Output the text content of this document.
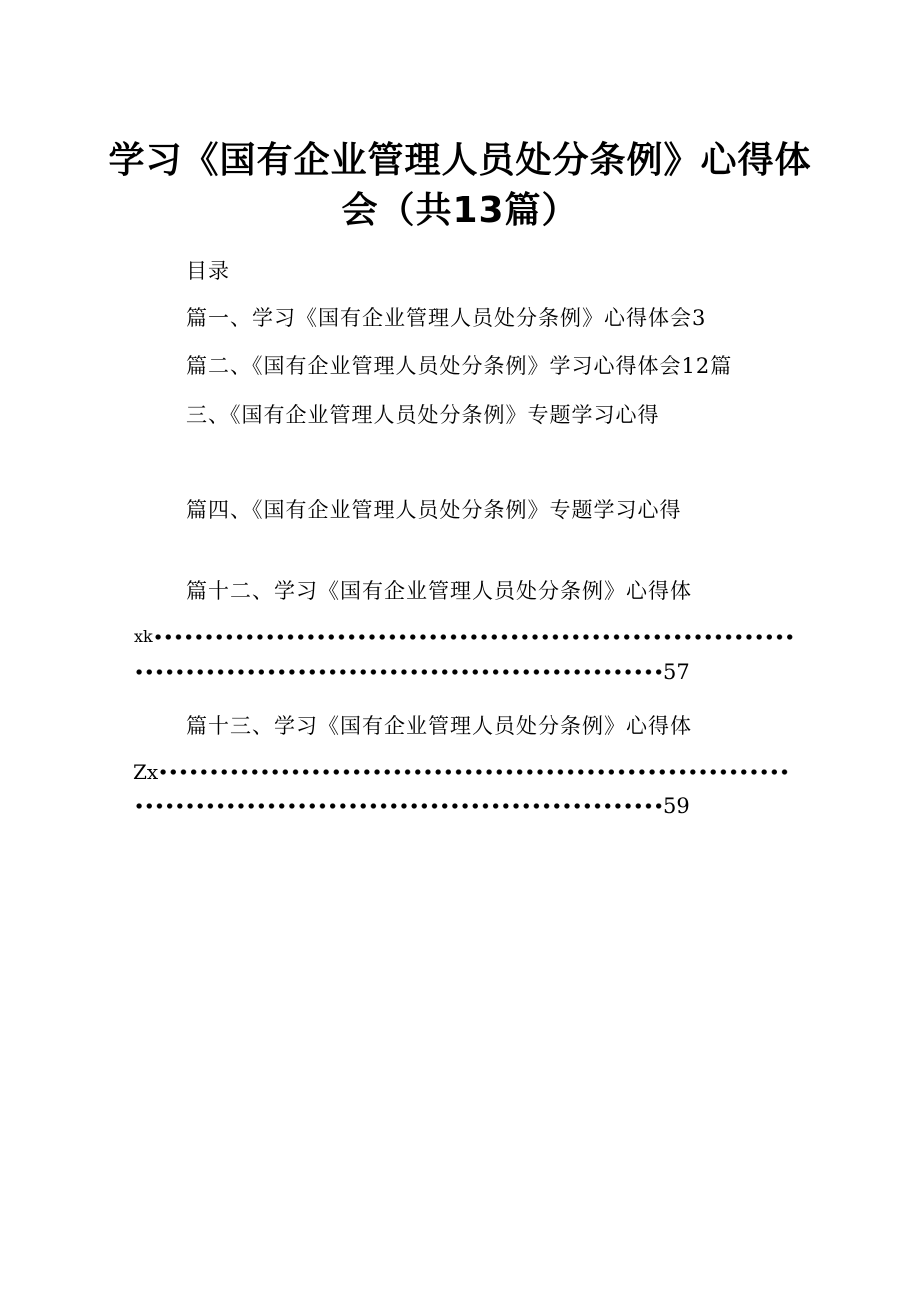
学习《国有企业管理人员处分条例》心得体
会（共13篇）
目录
篇一、学习《国有企业管理人员处分条例》心得体会3
篇二、《国有企业管理人员处分条例》学习心得体会12篇
三、《国有企业管理人员处分条例》专题学习心得
篇四、《国有企业管理人员处分条例》专题学习心得
篇十二、学习《国有企业管理人员处分条例》心得体
xk
57
篇十三、学习《国有企业管理人员处分条例》心得体
Zx
59
